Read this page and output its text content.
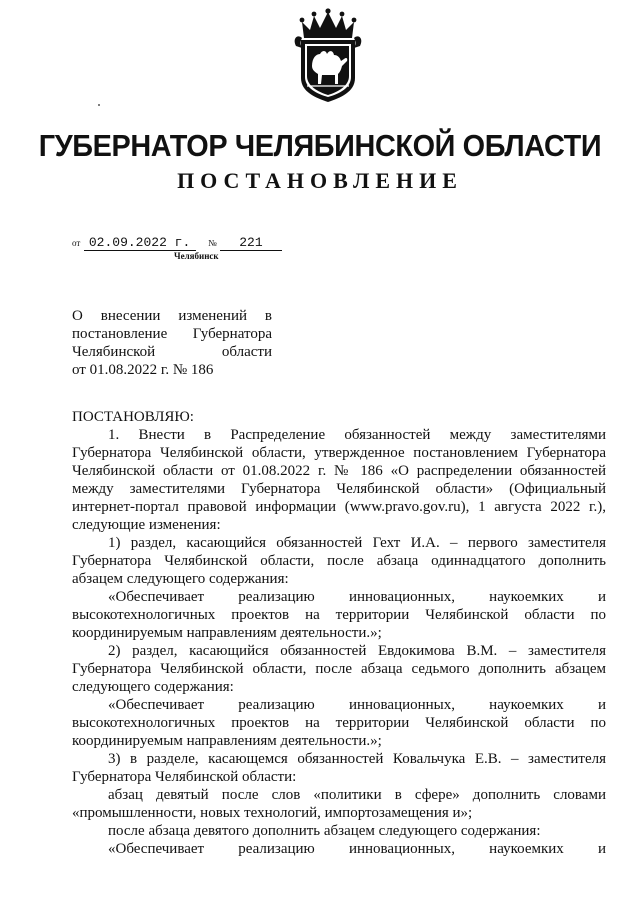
ГУБЕРНАТОР ЧЕЛЯБИНСКОЙ ОБЛАСТИ
ПОСТАНОВЛЕНИЕ
от 02.09.2022 г. № 221
Челябинск
О внесении изменений в
постановление Губернатора
Челябинской области
от 01.08.2022 г. № 186
ПОСТАНОВЛЯЮ:
1. Внести в Распределение обязанностей между заместителями
Губернатора Челябинской области, утвержденное постановлением Губернатора
Челябинской области от 01.08.2022 г. № 186 «О распределении обязанностей
между заместителями Губернатора Челябинской области» (Официальный
интернет-портал правовой информации (www.pravo.gov.ru), 1 августа 2022 г.),
следующие изменения:
1) раздел, касающийся обязанностей Гехт И.А. – первого заместителя
Губернатора Челябинской области, после абзаца одиннадцатого дополнить
абзацем следующего содержания:
«Обеспечивает реализацию инновационных, наукоемких и
высокотехнологичных проектов на территории Челябинской области по
координируемым направлениям деятельности.»;
2) раздел, касающийся обязанностей Евдокимова В.М. – заместителя
Губернатора Челябинской области, после абзаца седьмого дополнить абзацем
следующего содержания:
«Обеспечивает реализацию инновационных, наукоемких и
высокотехнологичных проектов на территории Челябинской области по
координируемым направлениям деятельности.»;
3) в разделе, касающемся обязанностей Ковальчука Е.В. – заместителя
Губернатора Челябинской области:
абзац девятый после слов «политики в сфере» дополнить словами
«промышленности, новых технологий, импортозамещения и»;
после абзаца девятого дополнить абзацем следующего содержания:
«Обеспечивает реализацию инновационных, наукоемких и
